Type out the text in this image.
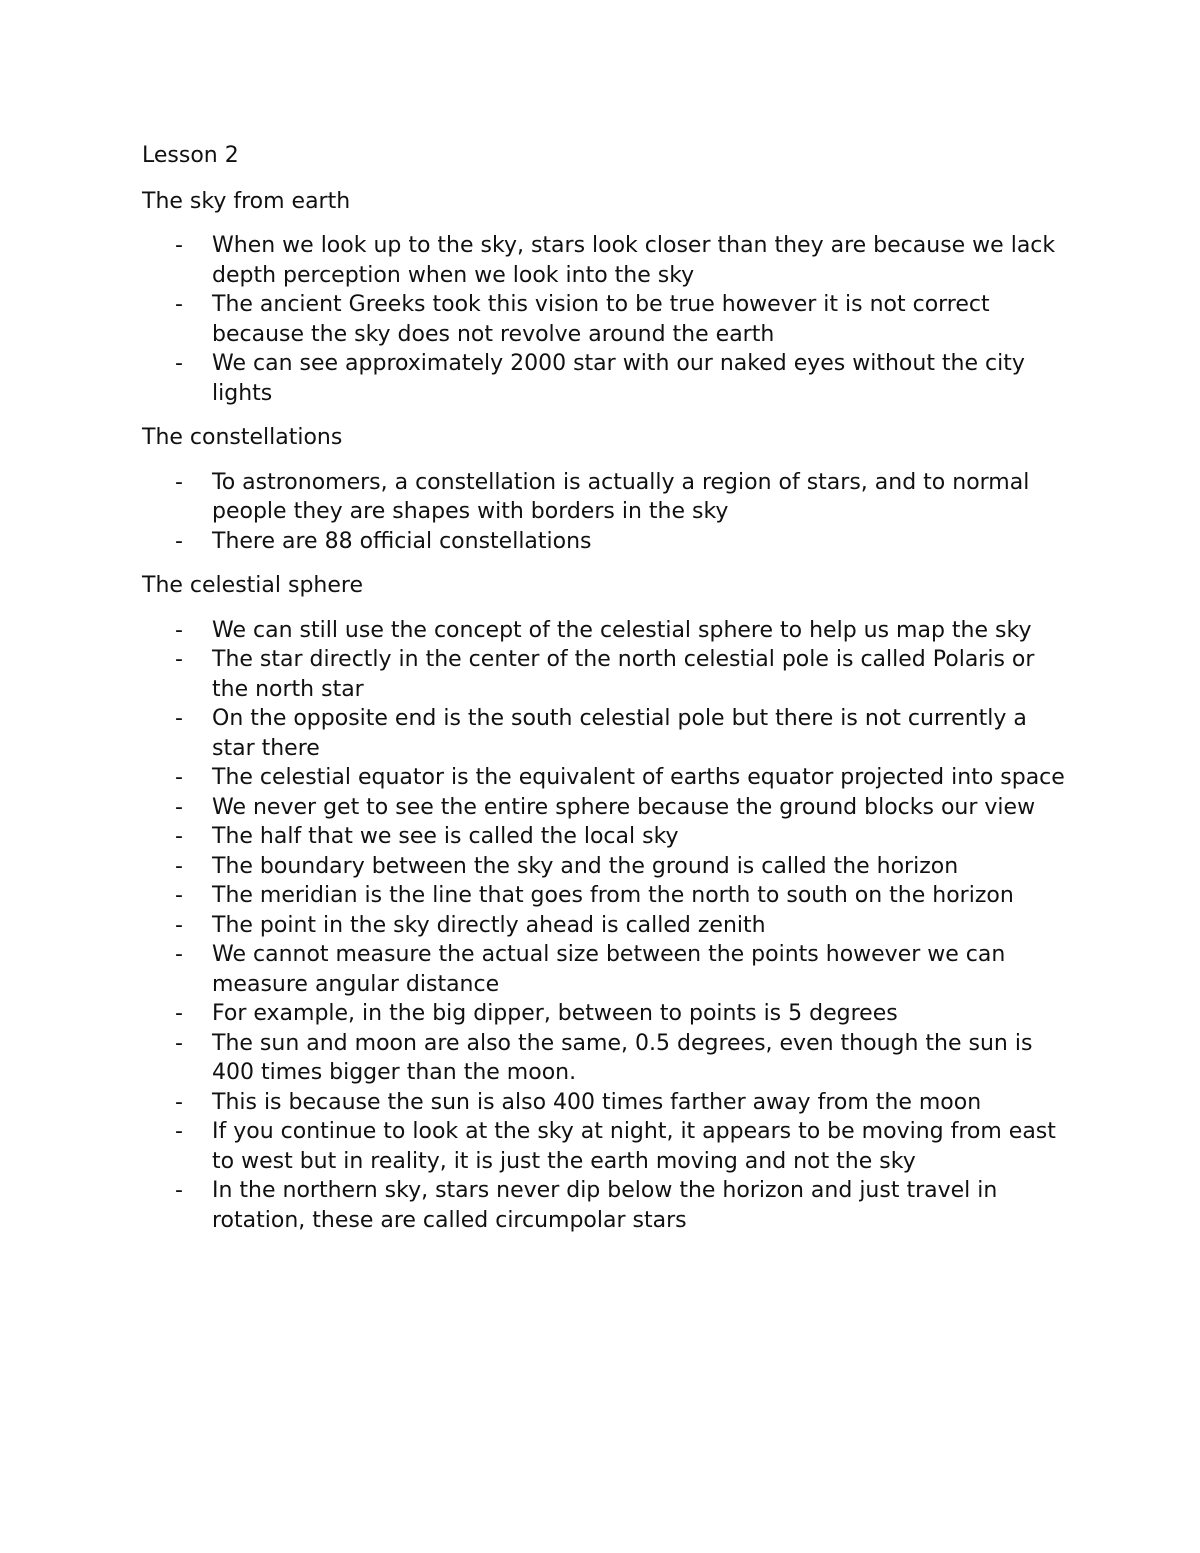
Lesson 2

The sky from earth

- When we look up to the sky, stars look closer than they are because we lack depth perception when we look into the sky
- The ancient Greeks took this vision to be true however it is not correct because the sky does not revolve around the earth
- We can see approximately 2000 star with our naked eyes without the city lights

The constellations

- To astronomers, a constellation is actually a region of stars, and to normal people they are shapes with borders in the sky
- There are 88 official constellations

The celestial sphere

- We can still use the concept of the celestial sphere to help us map the sky
- The star directly in the center of the north celestial pole is called Polaris or the north star
- On the opposite end is the south celestial pole but there is not currently a star there
- The celestial equator is the equivalent of earths equator projected into space
- We never get to see the entire sphere because the ground blocks our view
- The half that we see is called the local sky
- The boundary between the sky and the ground is called the horizon
- The meridian is the line that goes from the north to south on the horizon
- The point in the sky directly ahead is called zenith
- We cannot measure the actual size between the points however we can measure angular distance
- For example, in the big dipper, between to points is 5 degrees
- The sun and moon are also the same, 0.5 degrees, even though the sun is 400 times bigger than the moon.
- This is because the sun is also 400 times farther away from the moon
- If you continue to look at the sky at night, it appears to be moving from east to west but in reality, it is just the earth moving and not the sky
- In the northern sky, stars never dip below the horizon and just travel in rotation, these are called circumpolar stars
